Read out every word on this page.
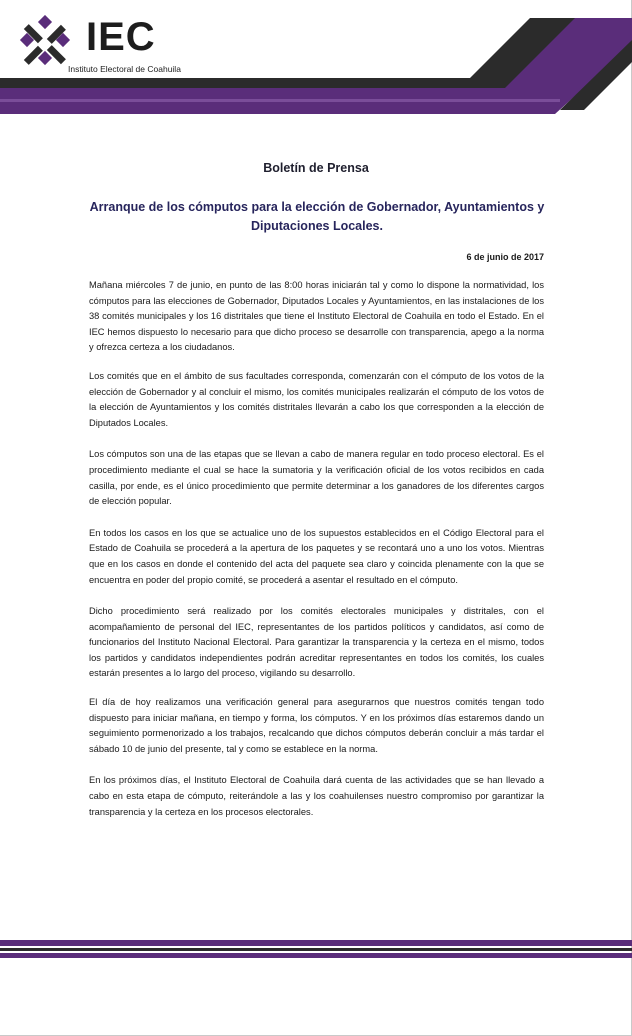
IEC
Instituto Electoral de Coahuila
Boletín de Prensa
Arranque de los cómputos para la elección de Gobernador, Ayuntamientos y Diputaciones Locales.
6 de junio de 2017

Mañana miércoles 7 de junio, en punto de las 8:00 horas iniciarán tal y como lo dispone la normatividad, los cómputos para las elecciones de Gobernador, Diputados Locales y Ayuntamientos, en las instalaciones de los 38 comités municipales y los 16 distritales que tiene el Instituto Electoral de Coahuila en todo el Estado. En el IEC hemos dispuesto lo necesario para que dicho proceso se desarrolle con transparencia, apego a la norma y ofrezca certeza a los ciudadanos.

Los comités que en el ámbito de sus facultades corresponda, comenzarán con el cómputo de los votos de la elección de Gobernador y al concluir el mismo, los comités municipales realizarán el cómputo de los votos de la elección de Ayuntamientos y los comités distritales llevarán a cabo los que corresponden a la elección de Diputados Locales.

Los cómputos son una de las etapas que se llevan a cabo de manera regular en todo proceso electoral. Es el procedimiento mediante el cual se hace la sumatoria y la verificación oficial de los votos recibidos en cada casilla, por ende, es el único procedimiento que permite determinar a los ganadores de los diferentes cargos de elección popular.

En todos los casos en los que se actualice uno de los supuestos establecidos en el Código Electoral para el Estado de Coahuila se procederá a la apertura de los paquetes y se recontará uno a uno los votos. Mientras que en los casos en donde el contenido del acta del paquete sea claro y coincida plenamente con la que se encuentra en poder del propio comité, se procederá a asentar el resultado en el cómputo.

Dicho procedimiento será realizado por los comités electorales municipales y distritales, con el acompañamiento de personal del IEC, representantes de los partidos políticos y candidatos, así como de funcionarios del Instituto Nacional Electoral. Para garantizar la transparencia y la certeza en el mismo, todos los partidos y candidatos independientes podrán acreditar representantes en todos los comités, los cuales estarán presentes a lo largo del proceso, vigilando su desarrollo.

El día de hoy realizamos una verificación general para asegurarnos que nuestros comités tengan todo dispuesto para iniciar mañana, en tiempo y forma, los cómputos. Y en los próximos días estaremos dando un seguimiento pormenorizado a los trabajos, recalcando que dichos cómputos deberán concluir a más tardar el sábado 10 de junio del presente, tal y como se establece en la norma.

En los próximos días, el Instituto Electoral de Coahuila dará cuenta de las actividades que se han llevado a cabo en esta etapa de cómputo, reiterándole a las y los coahuilenses nuestro compromiso por garantizar la transparencia y la certeza en los procesos electorales.
